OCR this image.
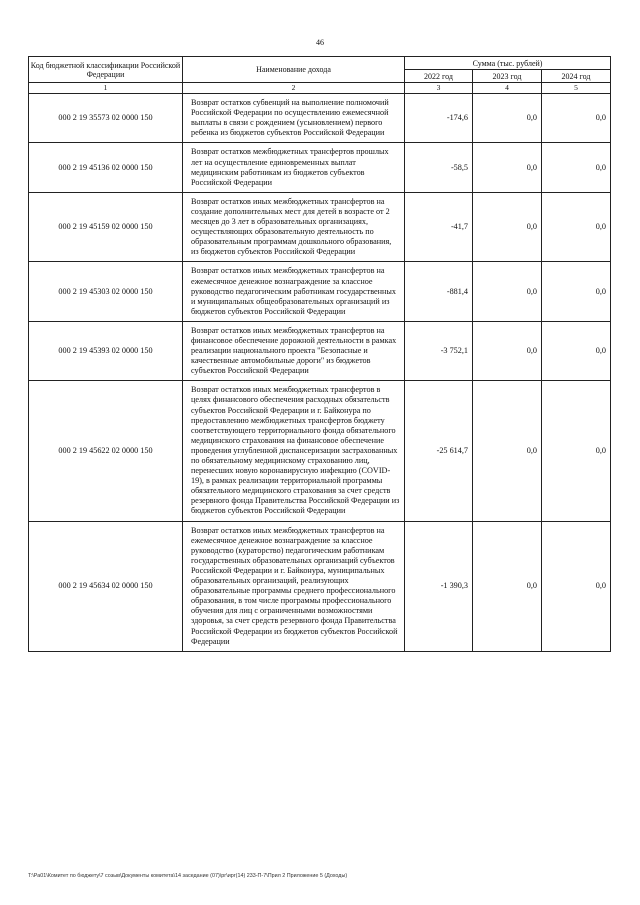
46
Код бюджетной классификации Российской Федерации	Наименование дохода	Сумма (тыс. рублей)		
		2022 год	2023 год	2024 год
1	2	3	4	5
000 2 19 35573 02 0000 150	Возврат остатков субвенций на выполнение полномочий Российской Федерации по осуществлению ежемесячной выплаты в связи с рождением (усыновлением) первого ребенка из бюджетов субъектов Российской Федерации	-174,6	0,0	0,0
000 2 19 45136 02 0000 150	Возврат остатков межбюджетных трансфертов прошлых лет на осуществление единовременных выплат медицинским работникам из бюджетов субъектов Российской Федерации	-58,5	0,0	0,0
000 2 19 45159 02 0000 150	Возврат остатков иных межбюджетных трансфертов на создание дополнительных мест для детей в возрасте от 2 месяцев до 3 лет в образовательных организациях, осуществляющих образовательную деятельность по образовательным программам дошкольного образования, из бюджетов субъектов Российской Федерации	-41,7	0,0	0,0
000 2 19 45303 02 0000 150	Возврат остатков иных межбюджетных трансфертов на ежемесячное денежное вознаграждение за классное руководство педагогическим работникам государственных и муниципальных общеобразовательных организаций из бюджетов субъектов Российской Федерации	-881,4	0,0	0,0
000 2 19 45393 02 0000 150	Возврат остатков иных межбюджетных трансфертов на финансовое обеспечение дорожной деятельности в рамках реализации национального проекта "Безопасные и качественные автомобильные дороги" из бюджетов субъектов Российской Федерации	-3 752,1	0,0	0,0
000 2 19 45622 02 0000 150	Возврат остатков иных межбюджетных трансфертов в целях финансового обеспечения расходных обязательств субъектов Российской Федерации и г. Байконура по предоставлению межбюджетных трансфертов бюджету соответствующего территориального фонда обязательного медицинского страхования на финансовое обеспечение проведения углубленной диспансеризации застрахованных по обязательному медицинскому страхованию лиц, перенесших новую коронавирусную инфекцию (COVID-19), в рамках реализации территориальной программы обязательного медицинского страхования за счет средств резервного фонда Правительства Российской Федерации из бюджетов субъектов Российской Федерации	-25 614,7	0,0	0,0
000 2 19 45634 02 0000 150	Возврат остатков иных межбюджетных трансфертов на ежемесячное денежное вознаграждение за классное руководство (кураторство) педагогическим работникам государственных образовательных организаций субъектов Российской Федерации и г. Байконура, муниципальных образовательных организаций, реализующих образовательные программы среднего профессионального образования, в том числе программы профессионального обучения для лиц с ограниченными возможностями здоровья, за счет средств резервного фонда Правительства Российской Федерации из бюджетов субъектов Российской Федерации	-1 390,3	0,0	0,0
T:\Pa01\Комитет по бюджету\7 созыв\Документы комитета\14 заседание (07)\рг\ирг(14) 233-П-7\Прил 2 Приложение 5 (Доходы)
